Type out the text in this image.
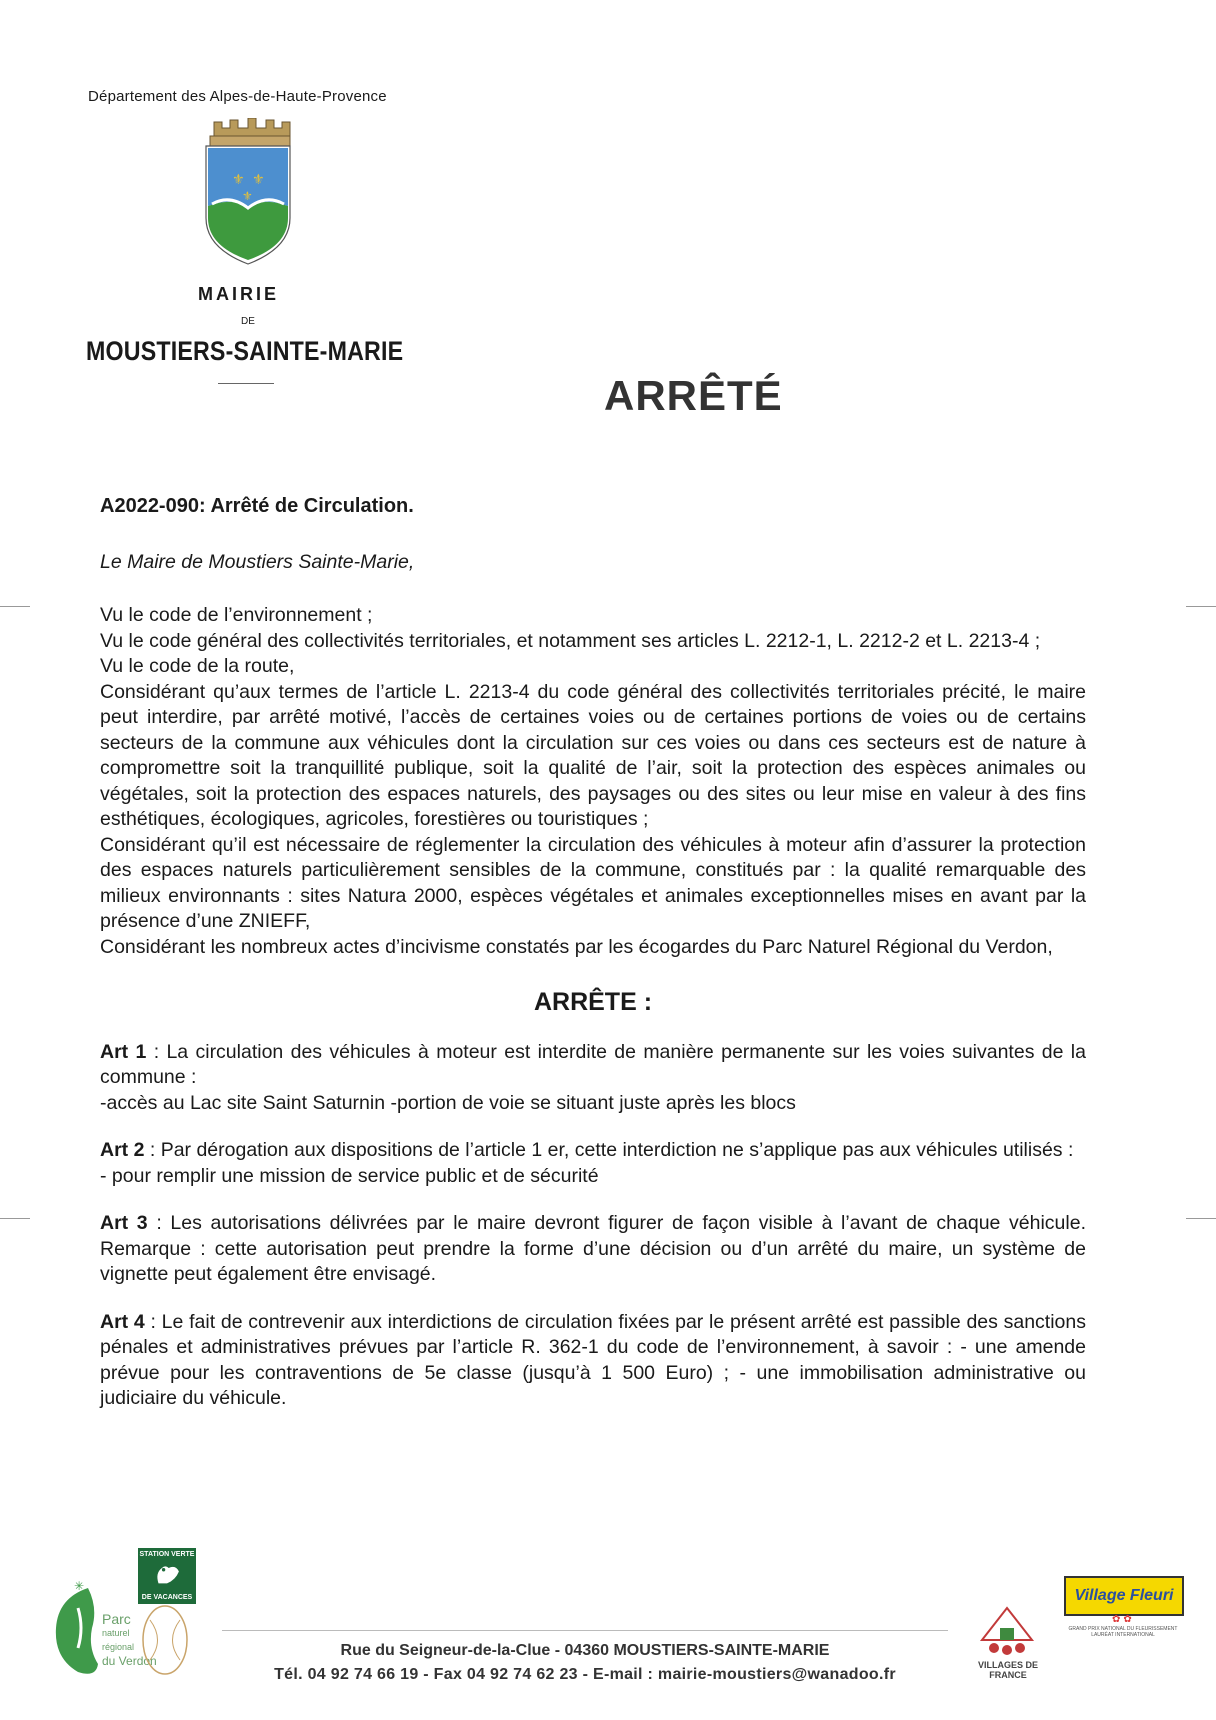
Département des Alpes-de-Haute-Provence
⚜ ⚜
⚜
MAIRIE
DE
MOUSTIERS-SAINTE-MARIE
ARRÊTÉ

A2022-090: Arrêté de Circulation.

Le Maire de Moustiers Sainte-Marie,

Vu le code de l’environnement ;

Vu le code général des collectivités territoriales, et notamment ses articles L. 2212-1, L. 2212-2 et L. 2213-4 ;

Vu le code de la route,

Considérant qu’aux termes de l’article L. 2213-4 du code général des collectivités territoriales précité, le maire peut interdire, par arrêté motivé, l’accès de certaines voies ou de certaines portions de voies ou de certains secteurs de la commune aux véhicules dont la circulation sur ces voies ou dans ces secteurs est de nature à compromettre soit la tranquillité publique, soit la qualité de l’air, soit la protection des espèces animales ou végétales, soit la protection des espaces naturels, des paysages ou des sites ou leur mise en valeur à des fins esthétiques, écologiques, agricoles, forestières ou touristiques ;

Considérant qu’il est nécessaire de réglementer la circulation des véhicules à moteur afin d’assurer la protection des espaces naturels particulièrement sensibles de la commune, constitués par : la qualité remarquable des milieux environnants : sites Natura 2000, espèces végétales et animales exceptionnelles mises en avant par la présence d’une ZNIEFF,

Considérant les nombreux actes d’incivisme constatés par les écogardes du Parc Naturel Régional du Verdon,

ARRÊTE :

Art 1 : La circulation des véhicules à moteur est interdite de manière permanente sur les voies suivantes de la commune :

-accès au Lac site Saint Saturnin -portion de voie se situant juste après les blocs

Art 2 : Par dérogation aux dispositions de l’article 1 er, cette interdiction ne s’applique pas aux véhicules utilisés :

- pour remplir une mission de service public et de sécurité

Art 3 : Les autorisations délivrées par le maire devront figurer de façon visible à l’avant de chaque véhicule. Remarque : cette autorisation peut prendre la forme d’une décision ou d’un arrêté du maire, un système de vignette peut également être envisagé.

Art 4 : Le fait de contrevenir aux interdictions de circulation fixées par le présent arrêté est passible des sanctions pénales et administratives prévues par l’article R. 362-1 du code de l’environnement, à savoir : - une amende prévue pour les contraventions de 5e classe (jusqu’à 1 500 Euro) ; - une immobilisation administrative ou judiciaire du véhicule.

✳
Parc
naturel
régional
du Verdon
STATION VERTE
DE VACANCES
Rue du Seigneur-de-la-Clue - 04360 MOUSTIERS-SAINTE-MARIE
Tél. 04 92 74 66 19 - Fax 04 92 74 62 23 - E-mail : mairie-moustiers@wanadoo.fr
VILLAGES DE FRANCE
Village Fleuri
✿✿
GRAND PRIX NATIONAL DU FLEURISSEMENT LAURÉAT INTERNATIONAL
